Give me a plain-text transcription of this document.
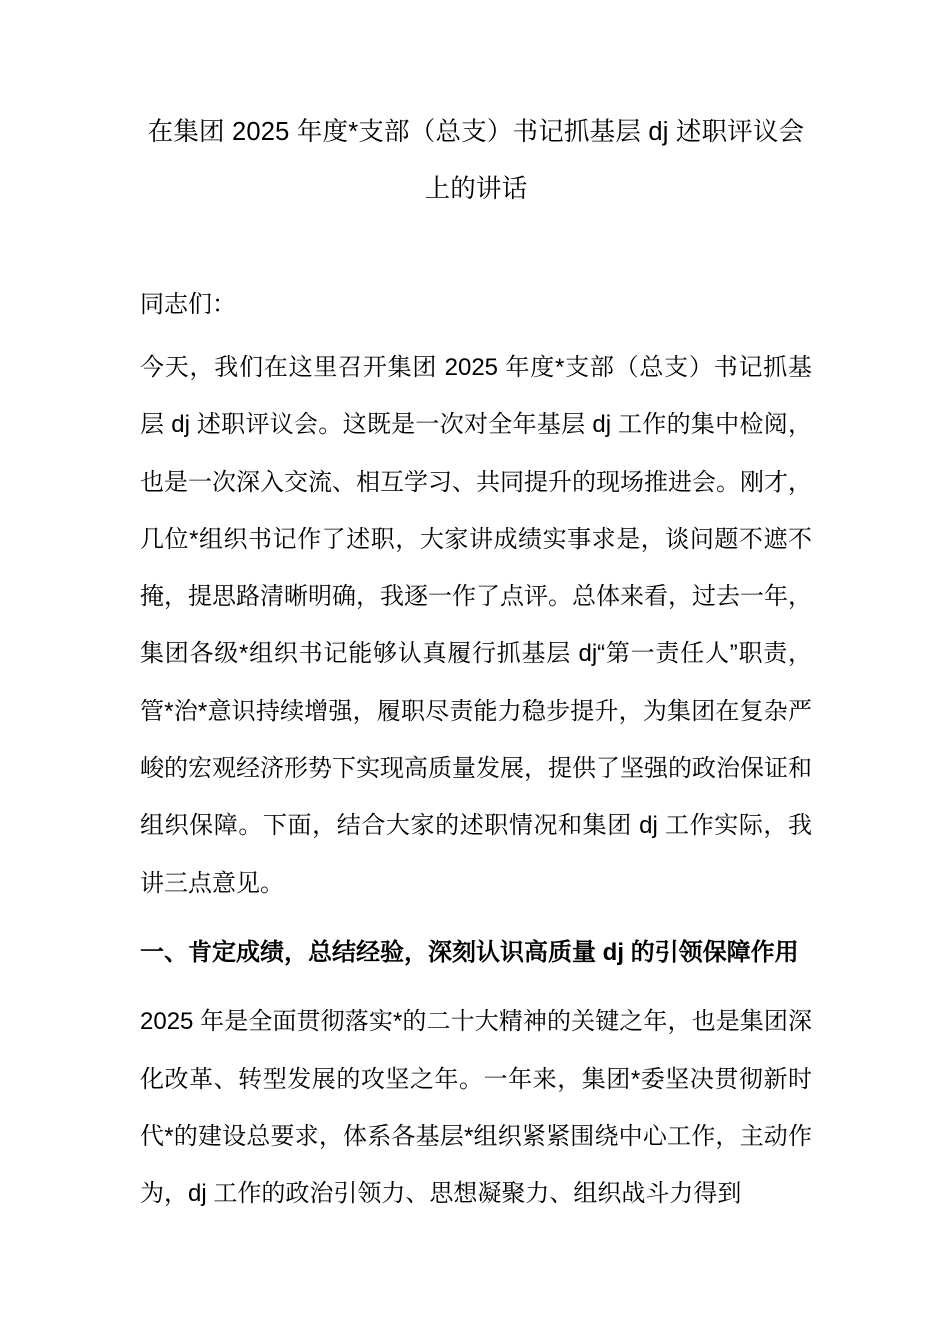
在集团 2025 年度*支部（总支）书记抓基层 dj 述职评议会上的讲话

同志们：

今天，我们在这里召开集团 2025 年度*支部（总支）书记抓基层 dj 述职评议会。这既是一次对全年基层 dj 工作的集中检阅，也是一次深入交流、相互学习、共同提升的现场推进会。刚才，几位*组织书记作了述职，大家讲成绩实事求是，谈问题不遮不掩，提思路清晰明确，我逐一作了点评。总体来看，过去一年，集团各级*组织书记能够认真履行抓基层 dj“第一责任人”职责，管*治*意识持续增强，履职尽责能力稳步提升，为集团在复杂严峻的宏观经济形势下实现高质量发展，提供了坚强的政治保证和组织保障。下面，结合大家的述职情况和集团 dj 工作实际，我讲三点意见。

一、肯定成绩，总结经验，深刻认识高质量 dj 的引领保障作用

2025 年是全面贯彻落实*的二十大精神的关键之年，也是集团深化改革、转型发展的攻坚之年。一年来，集团*委坚决贯彻新时代*的建设总要求，体系各基层*组织紧紧围绕中心工作，主动作为，dj 工作的政治引领力、思想凝聚力、组织战斗力得到
